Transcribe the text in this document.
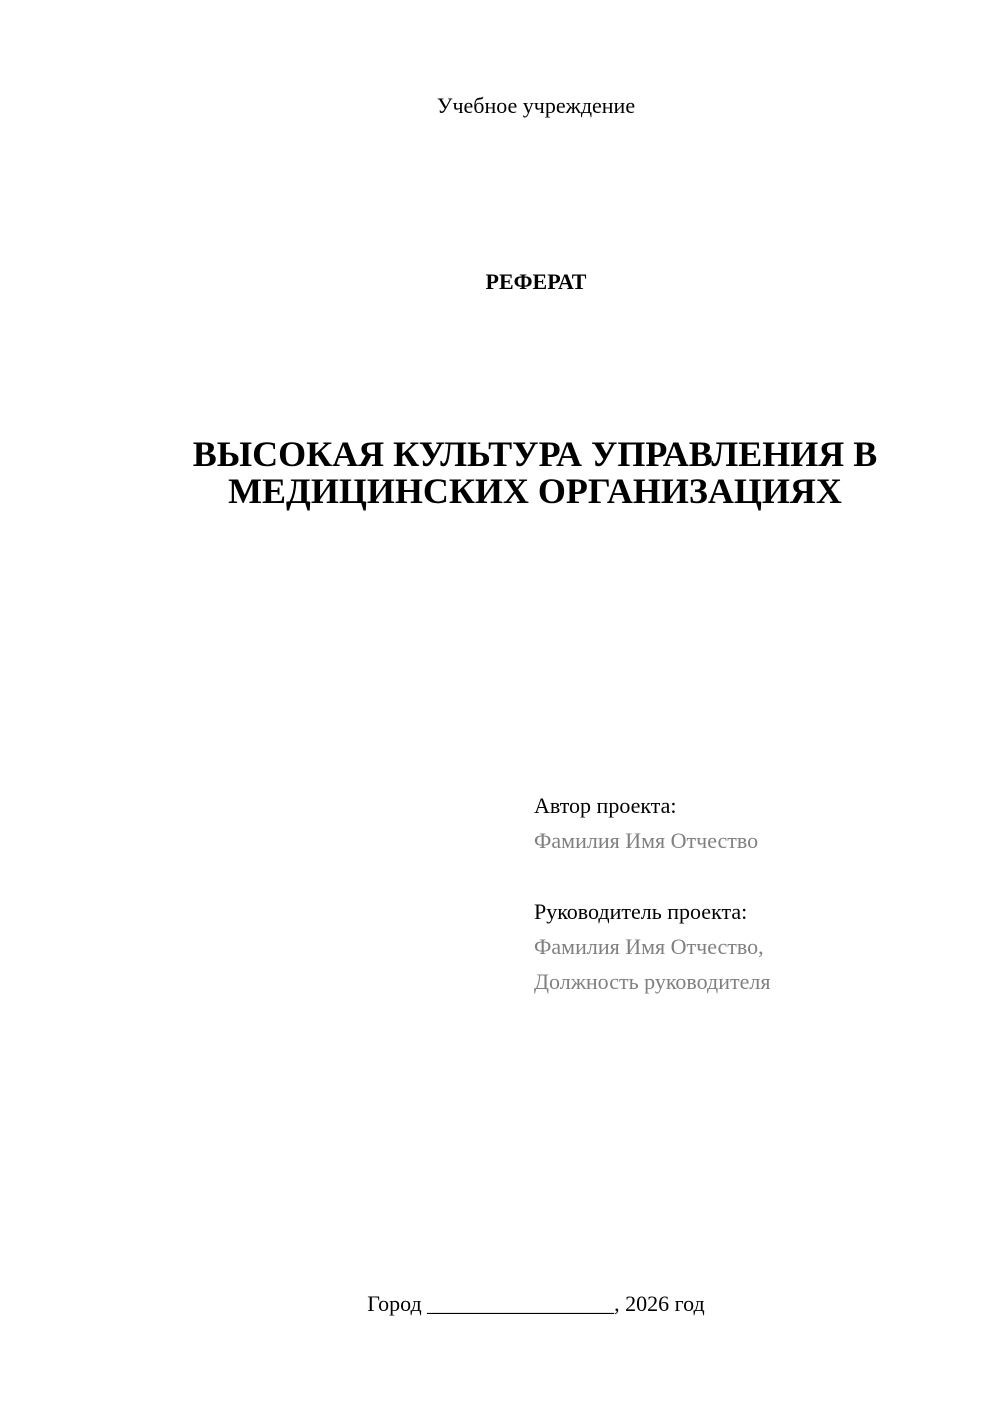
Учебное учреждение
РЕФЕРАТ
ВЫСОКАЯ КУЛЬТУРА УПРАВЛЕНИЯ В
МЕДИЦИНСКИХ ОРГАНИЗАЦИЯХ
Автор проекта:
Фамилия Имя Отчество
Руководитель проекта:
Фамилия Имя Отчество,
Должность руководителя
Город _________________, 2026 год
